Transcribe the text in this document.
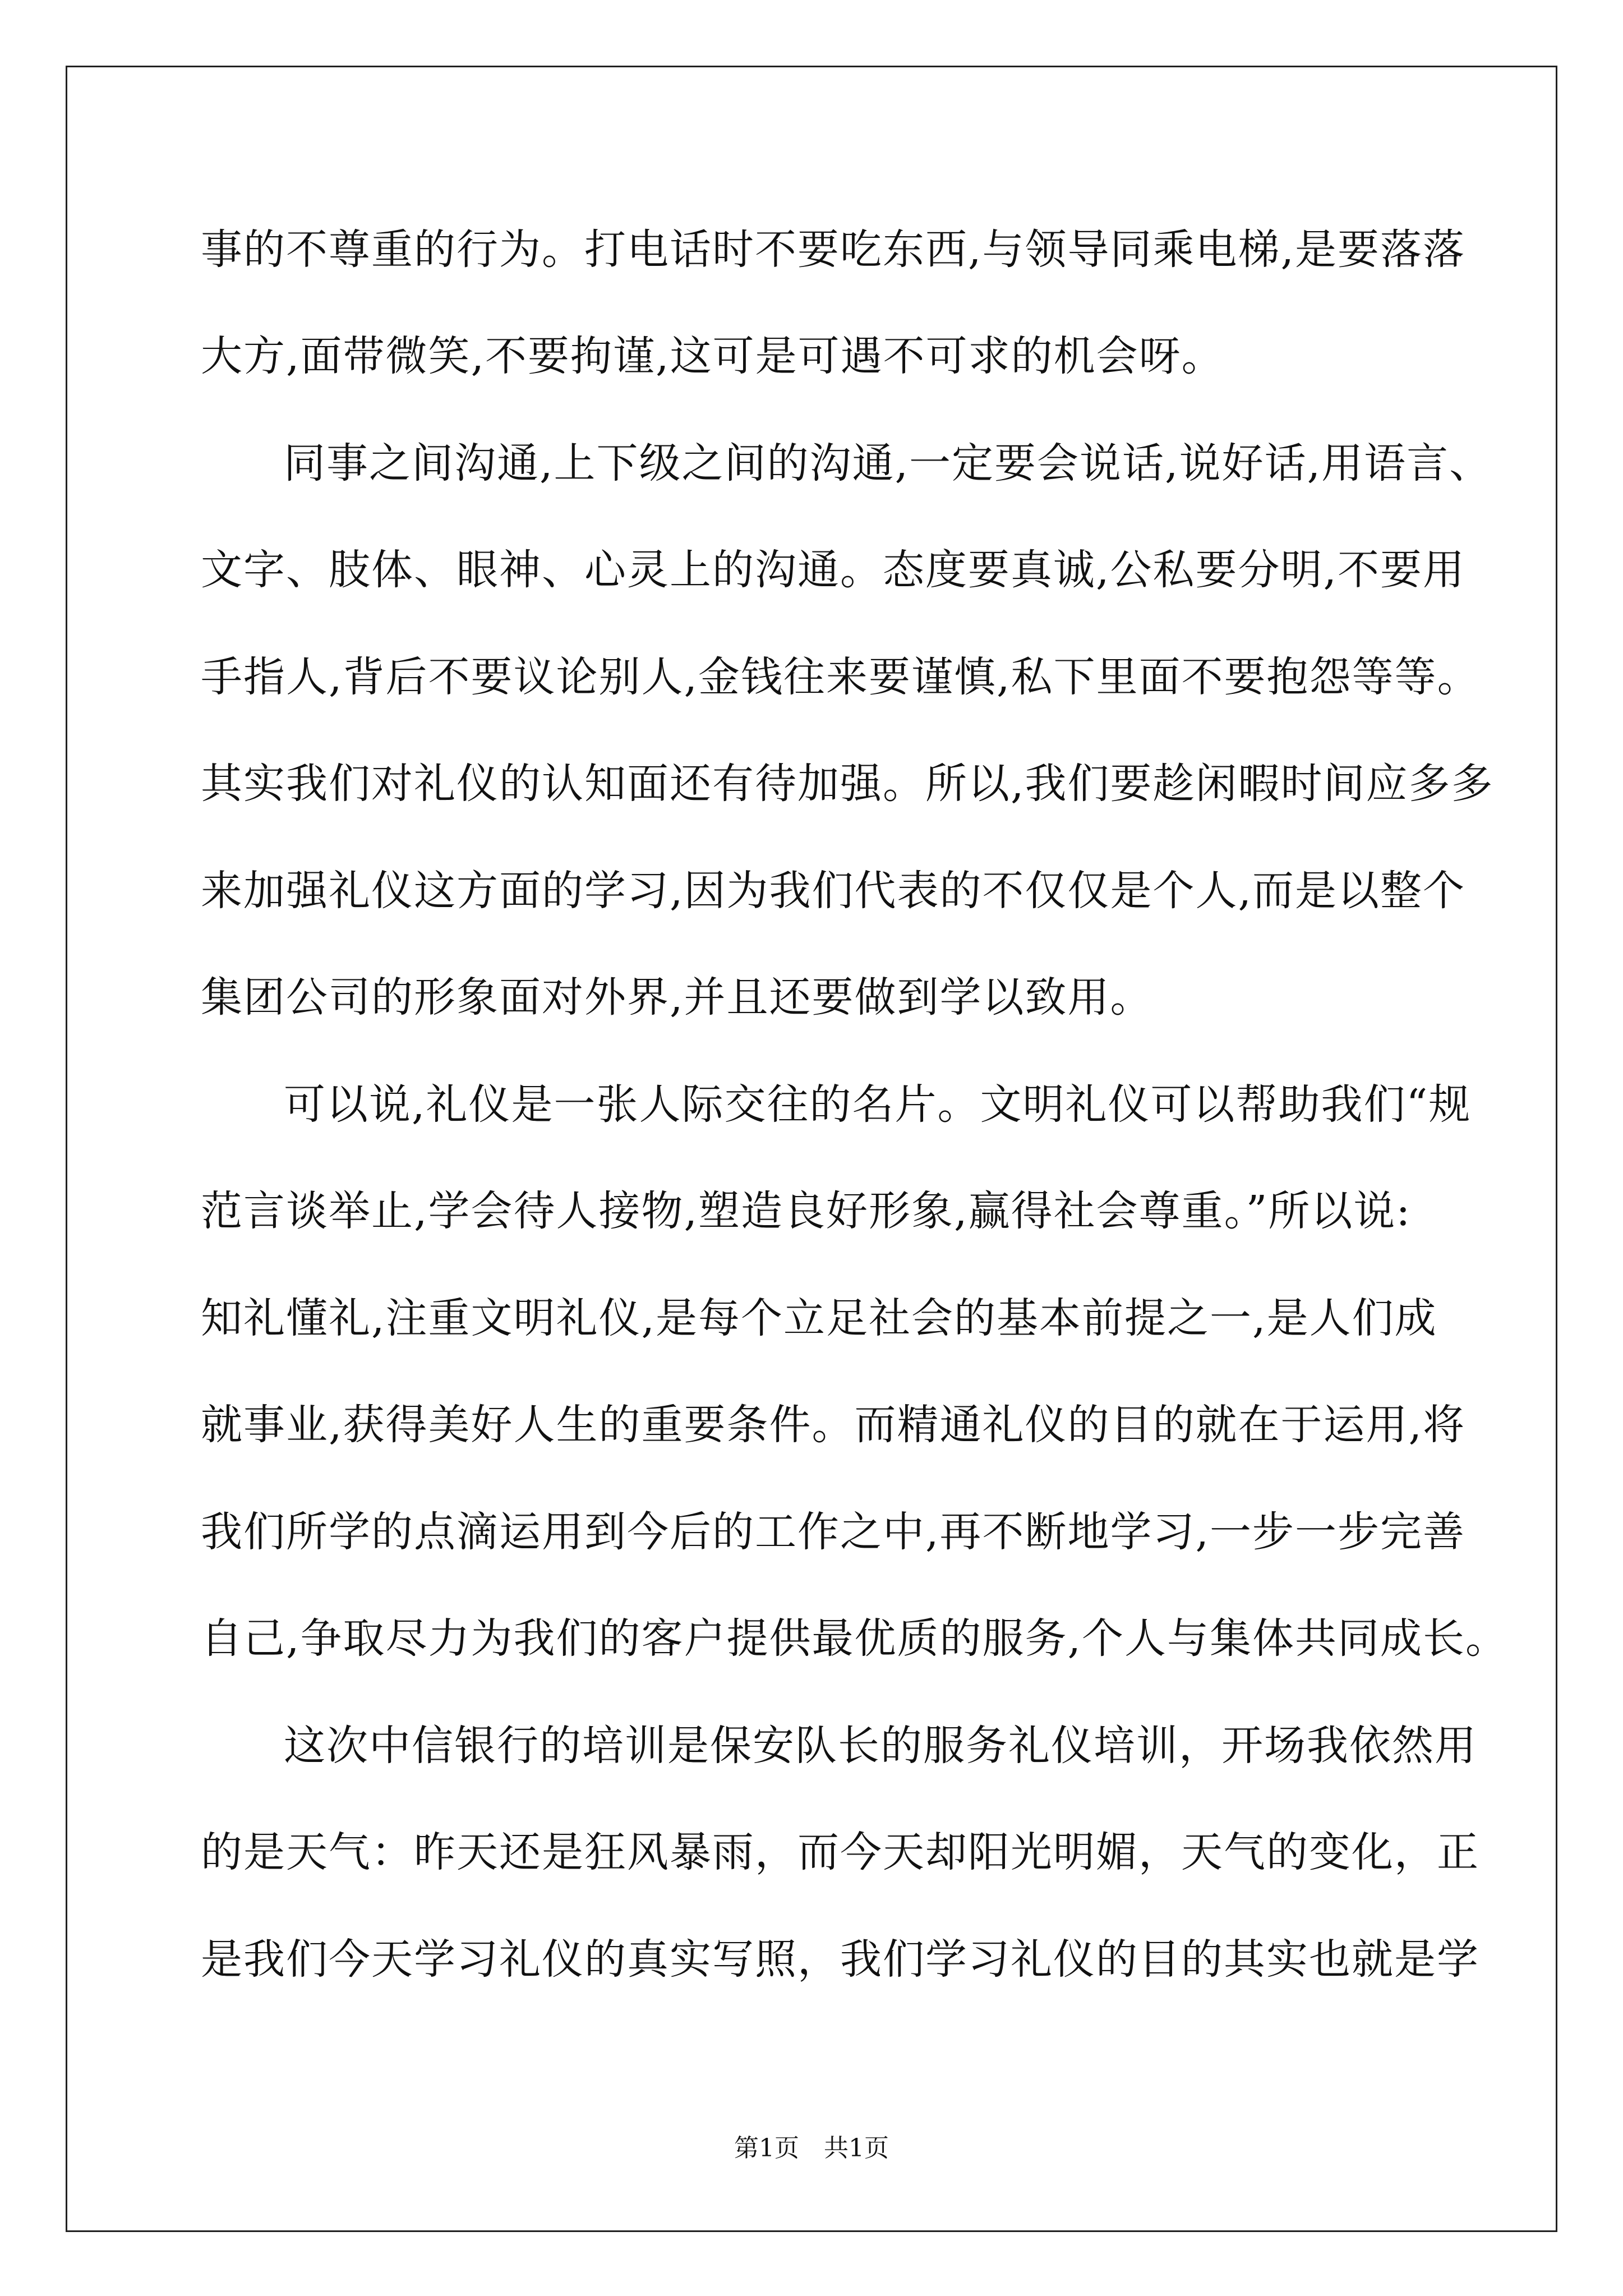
事的不尊重的行为。打电话时不要吃东西,与领导同乘电梯,是要落落
大方,面带微笑,不要拘谨,这可是可遇不可求的机会呀。
同事之间沟通,上下级之间的沟通,一定要会说话,说好话,用语言、
文字、肢体、眼神、心灵上的沟通。态度要真诚,公私要分明,不要用
手指人,背后不要议论别人,金钱往来要谨慎,私下里面不要抱怨等等。
其实我们对礼仪的认知面还有待加强。所以,我们要趁闲暇时间应多多
来加强礼仪这方面的学习,因为我们代表的不仅仅是个人,而是以整个
集团公司的形象面对外界,并且还要做到学以致用。
可以说,礼仪是一张人际交往的名片。文明礼仪可以帮助我们“规
范言谈举止,学会待人接物,塑造良好形象,赢得社会尊重。”所以说:
知礼懂礼,注重文明礼仪,是每个立足社会的基本前提之一,是人们成
就事业,获得美好人生的重要条件。而精通礼仪的目的就在于运用,将
我们所学的点滴运用到今后的工作之中,再不断地学习,一步一步完善
自己,争取尽力为我们的客户提供最优质的服务,个人与集体共同成长。
这次中信银行的培训是保安队长的服务礼仪培训，开场我依然用
的是天气：昨天还是狂风暴雨，而今天却阳光明媚，天气的变化，正
是我们今天学习礼仪的真实写照，我们学习礼仪的目的其实也就是学
第1页　共1页
